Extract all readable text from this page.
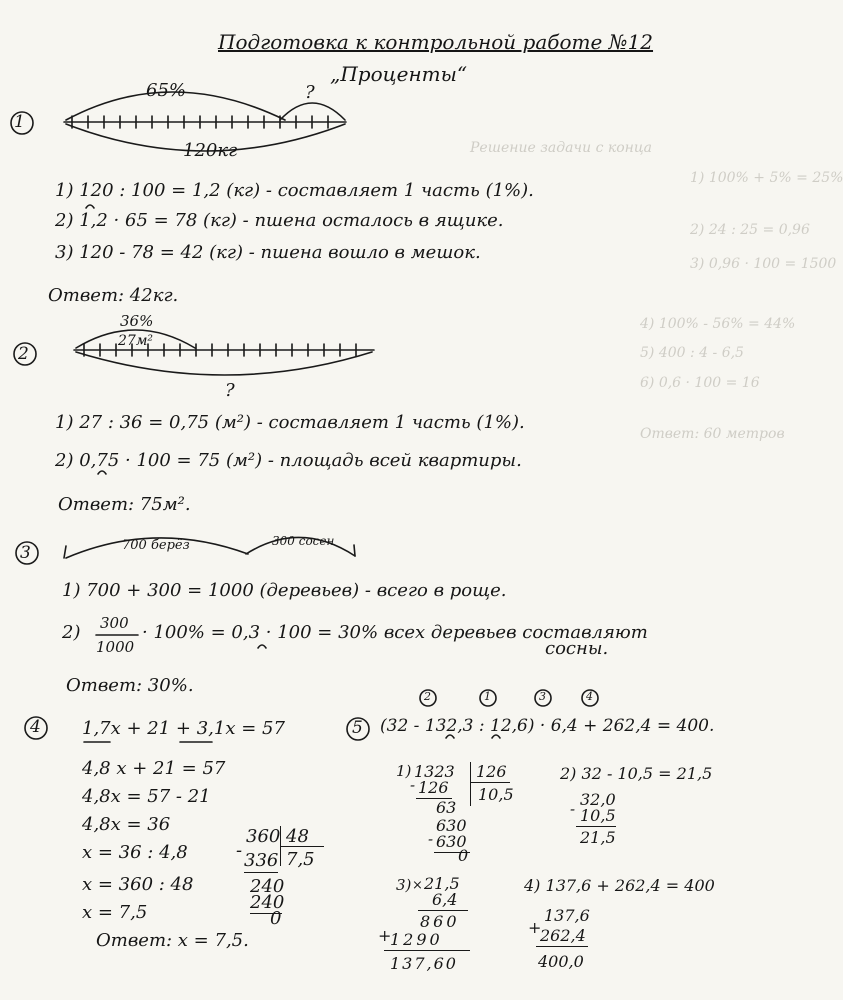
Решение задачи с конца
1) 100% + 5% = 25%
2) 24 : 25 = 0,96
3) 0,96 · 100 = 1500
4) 100% - 56% = 44%
5) 400 : 4 - 6,5
6) 0,6 · 100 = 16
Ответ: 60 метров
Подготовка к контрольной работе №12
„Проценты“
1
65%	?
120кг
1) 120 : 100 = 1,2 (кг) - составляет 1 часть (1%).
2) 1,2 · 65 = 78 (кг) - пшена осталось в ящике.
3) 120 - 78 = 42 (кг) - пшена вошло в мешок.
Ответ: 42кг.
2
36%
27м²
?
1) 27 : 36 = 0,75 (м²) - составляет 1 часть (1%).
2) 0,75 · 100 = 75 (м²) - площадь всей квартиры.
Ответ: 75м².
3	700 берёз	300 сосен
1) 700 + 300 = 1000 (деревьев) - всего в роще.
2) 300
1000
· 100% = 0,3 · 100 = 30% всех деревьев составляют
сосны.
Ответ: 30%.
4 1,7x + 21 + 3,1x = 57
4,8 x + 21 = 57
4,8x = 57 - 21
4,8x = 36
x = 36 : 4,8
x = 360 : 48
x = 7,5
Ответ: x = 7,5.
360 48
7,5
- 336
240
240
0
5
2	1	3	4
(32 - 132,3 : 12,6) · 6,4 + 262,4 = 400.
1) 1323 126
10,5
- 126
63
630
- 630
0
2) 32 - 10,5 = 21,5
32,0
- 10,5
21,5
3) × 21,5
6,4
860
+
1290
137,60
4) 137,6 + 262,4 = 400
137,6
+
262,4
400,0
